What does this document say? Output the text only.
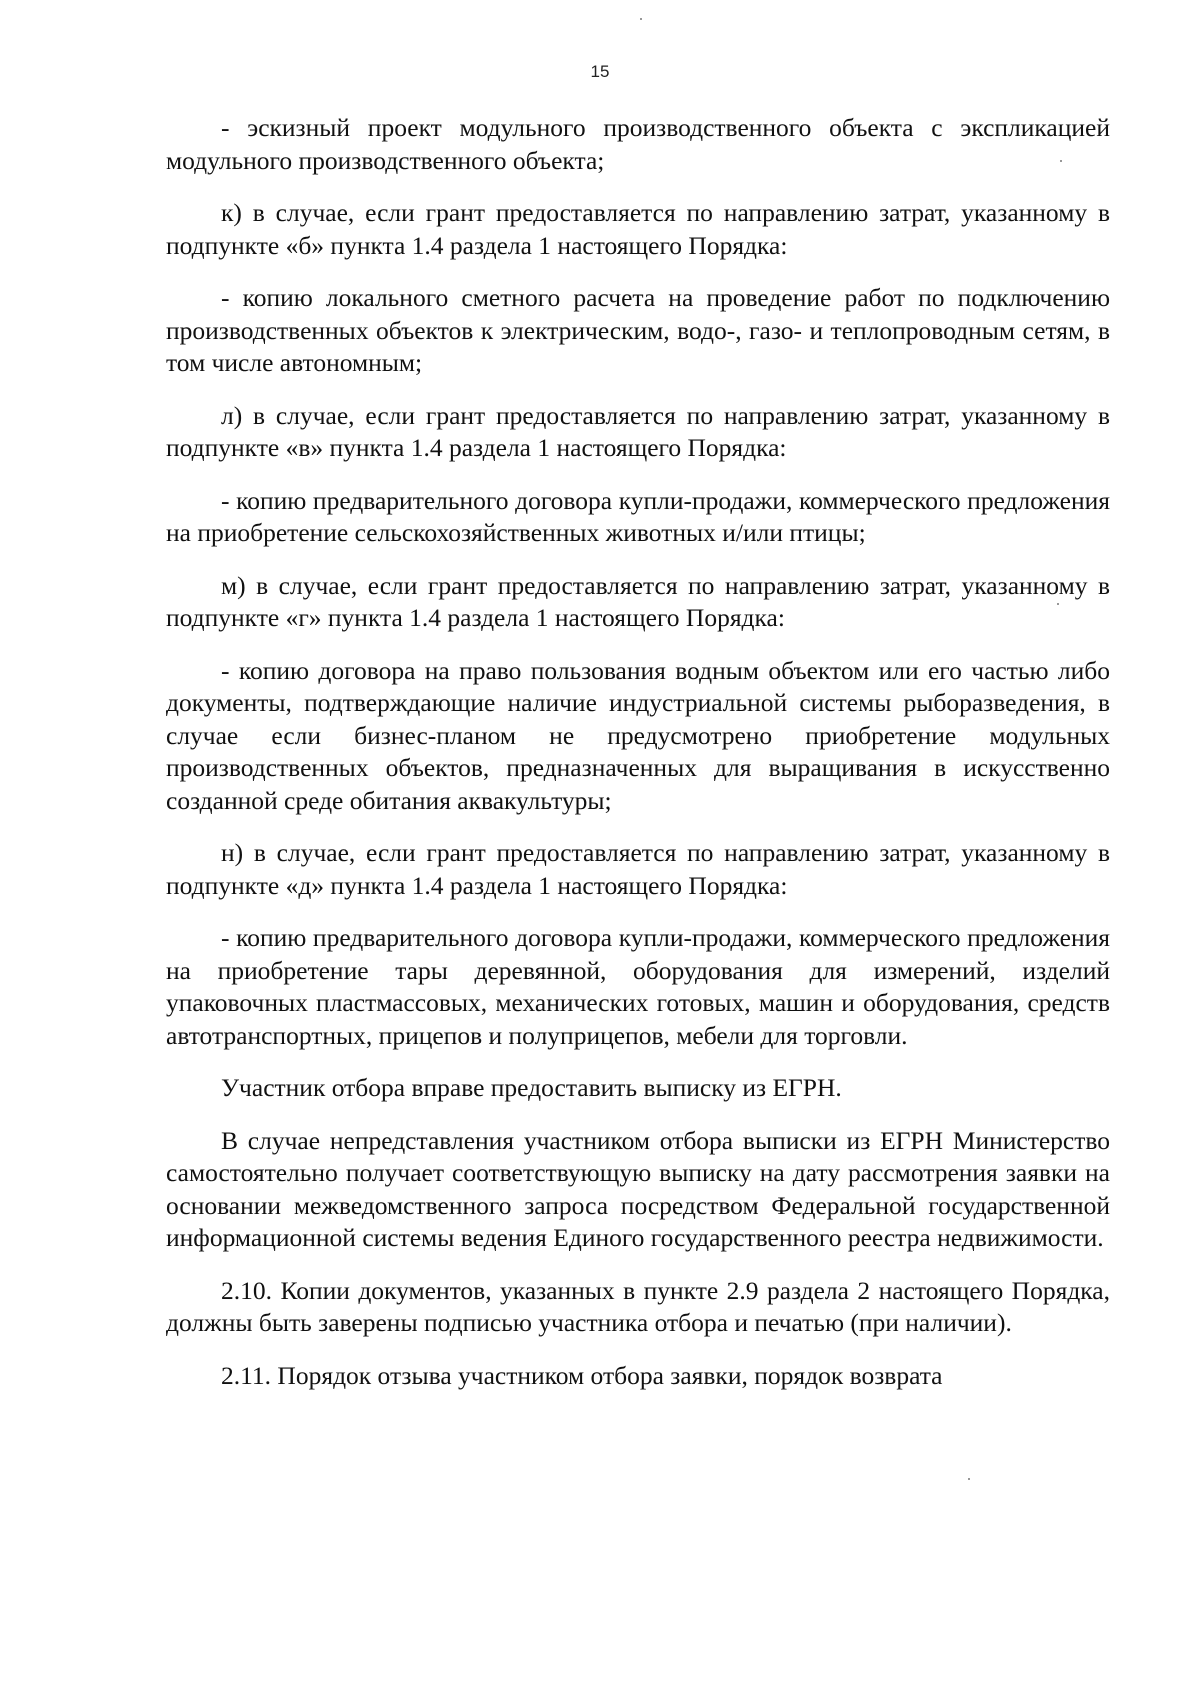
15

- эскизный проект модульного производственного объекта с экспликацией модульного производственного объекта;

к) в случае, если грант предоставляется по направлению затрат, указанному в подпункте «б» пункта 1.4 раздела 1 настоящего Порядка:

- копию локального сметного расчета на проведение работ по подключению производственных объектов к электрическим, водо-, газо- и теплопроводным сетям, в том числе автономным;

л) в случае, если грант предоставляется по направлению затрат, указанному в подпункте «в» пункта 1.4 раздела 1 настоящего Порядка:

- копию предварительного договора купли-продажи, коммерческого предложения на приобретение сельскохозяйственных животных и/или птицы;

м) в случае, если грант предоставляется по направлению затрат, указанному в подпункте «г» пункта 1.4 раздела 1 настоящего Порядка:

- копию договора на право пользования водным объектом или его частью либо документы, подтверждающие наличие индустриальной системы рыборазведения, в случае если бизнес-планом не предусмотрено приобретение модульных производственных объектов, предназначенных для выращивания в искусственно созданной среде обитания аквакультуры;

н) в случае, если грант предоставляется по направлению затрат, указанному в подпункте «д» пункта 1.4 раздела 1 настоящего Порядка:

- копию предварительного договора купли-продажи, коммерческого предложения на приобретение тары деревянной, оборудования для измерений, изделий упаковочных пластмассовых, механических готовых, машин и оборудования, средств автотранспортных, прицепов и полуприцепов, мебели для торговли.

Участник отбора вправе предоставить выписку из ЕГРН.

В случае непредставления участником отбора выписки из ЕГРН Министерство самостоятельно получает соответствующую выписку на дату рассмотрения заявки на основании межведомственного запроса посредством Федеральной государственной информационной системы ведения Единого государственного реестра недвижимости.

2.10. Копии документов, указанных в пункте 2.9 раздела 2 настоящего Порядка, должны быть заверены подписью участника отбора и печатью (при наличии).

2.11. Порядок отзыва участником отбора заявки, порядок возврата
